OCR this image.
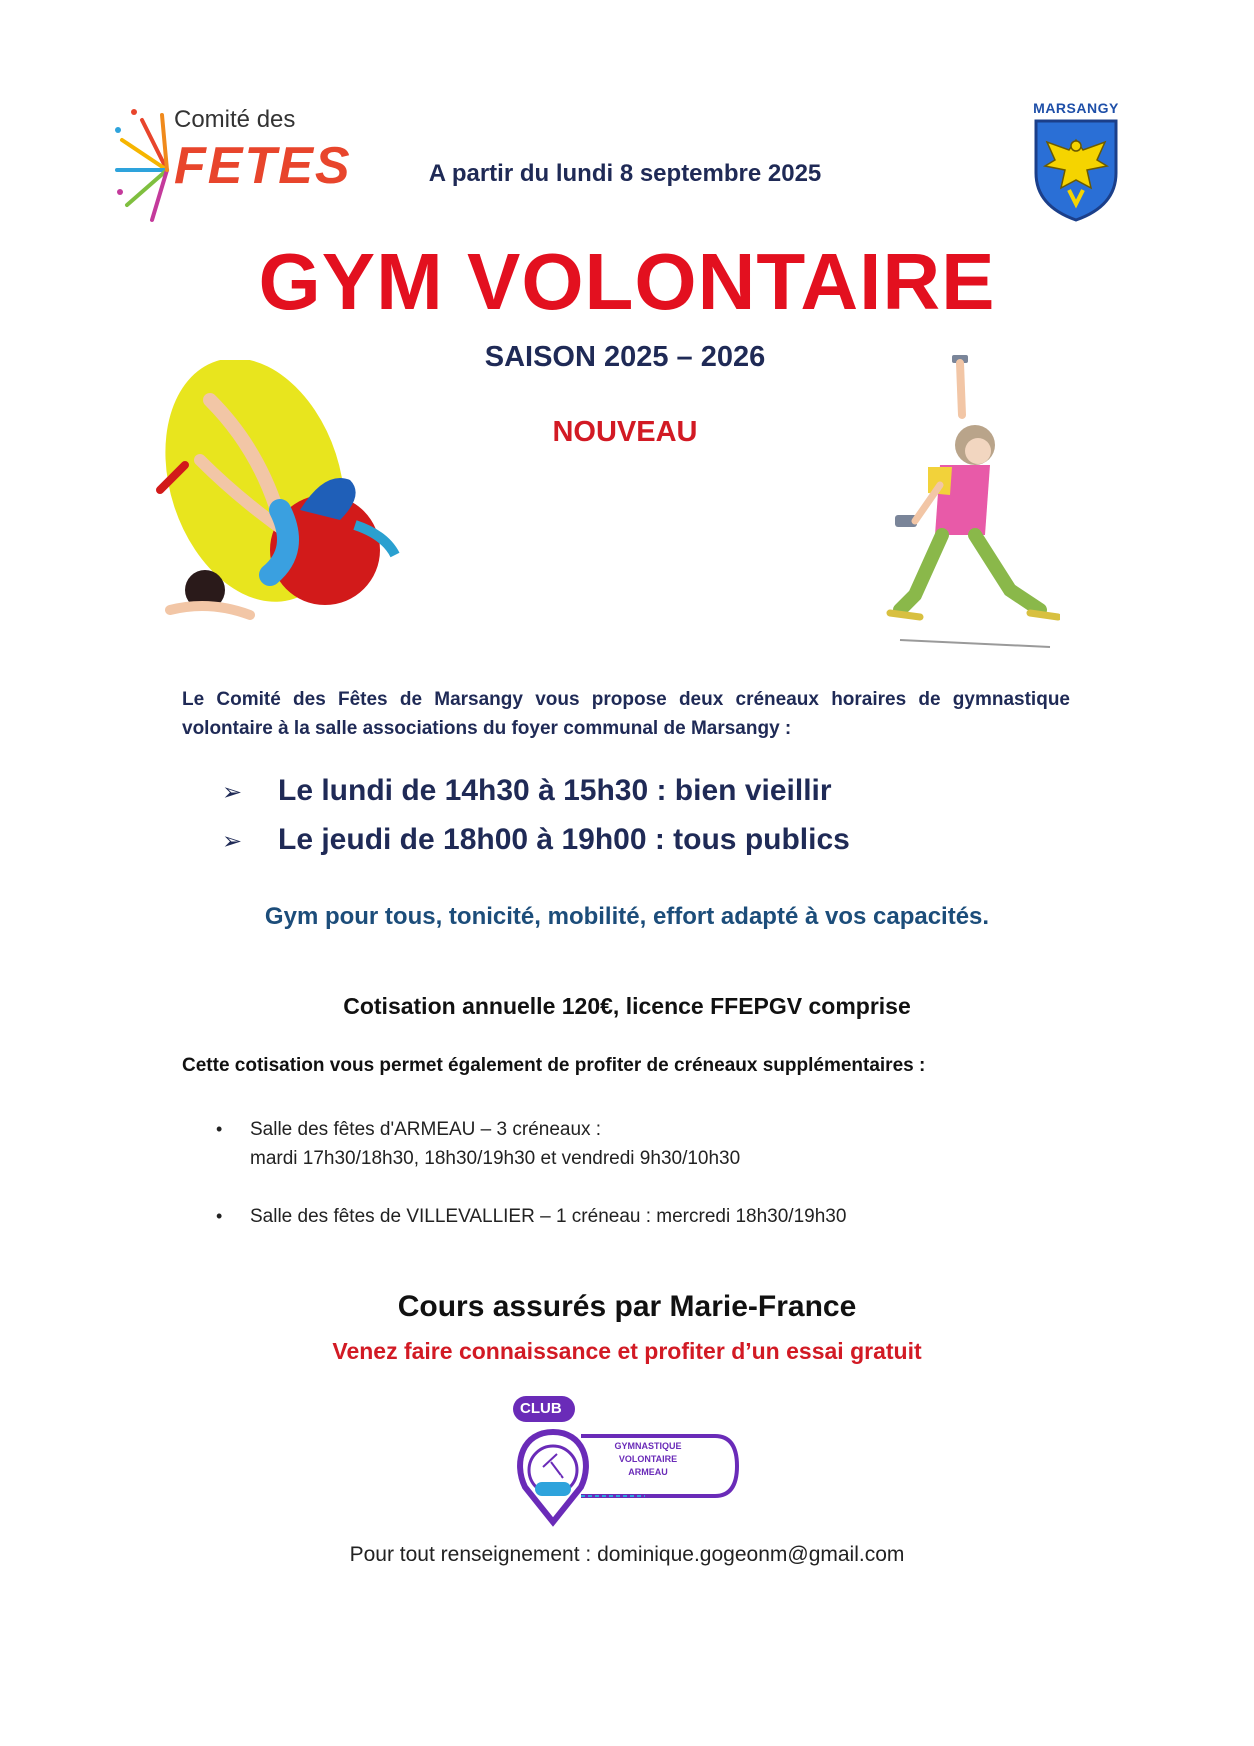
Comité des
FETES
MARSANGY
A partir du lundi 8 septembre 2025
GYM VOLONTAIRE
SAISON 2025 – 2026
NOUVEAU
Le Comité des Fêtes de Marsangy vous propose deux créneaux horaires de gymnastique volontaire à la salle associations du foyer communal de Marsangy :
➢ Le lundi de 14h30 à 15h30 : bien vieillir
➢ Le jeudi de 18h00 à 19h00 : tous publics
Gym pour tous, tonicité, mobilité, effort adapté à vos capacités.
Cotisation annuelle 120€, licence FFEPGV comprise
Cette cotisation vous permet également de profiter de créneaux supplémentaires :
• Salle des fêtes d'ARMEAU – 3 créneaux :
mardi 17h30/18h30, 18h30/19h30 et vendredi 9h30/10h30
• Salle des fêtes de VILLEVALLIER – 1 créneau : mercredi 18h30/19h30
Cours assurés par Marie-France
Venez faire connaissance et profiter d’un essai gratuit
CLUB
EPGV
GYMNASTIQUE
VOLONTAIRE
ARMEAU
Pour tout renseignement : dominique.gogeonm@gmail.com
